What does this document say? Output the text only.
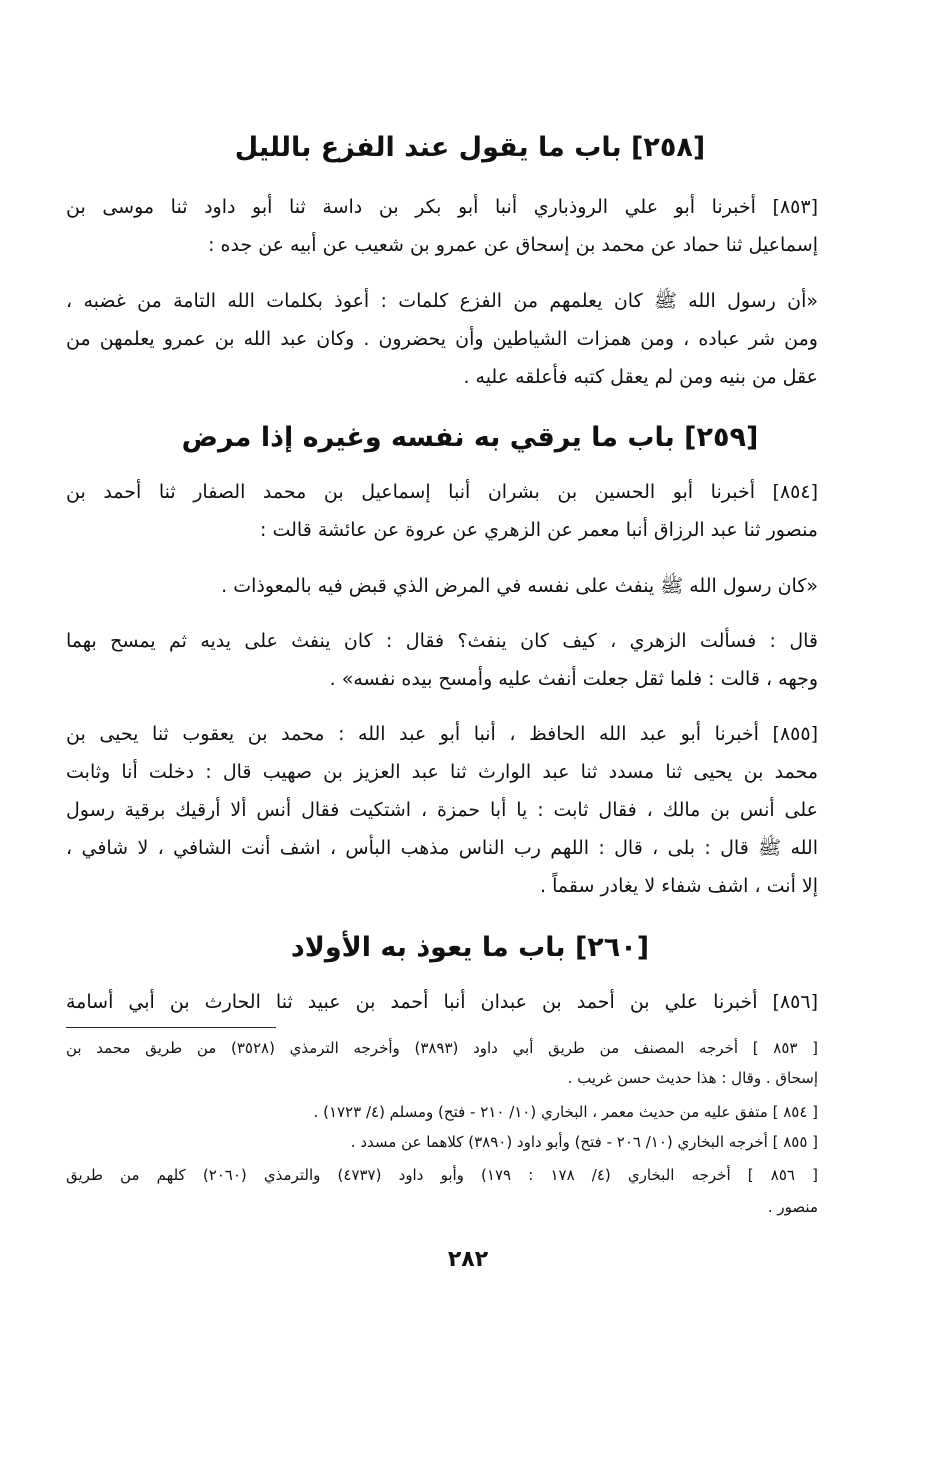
[٢٥٨] باب ما يقول عند الفزع بالليل
[٨٥٣] أخبرنا أبو علي الروذباري أنبا أبو بكر بن داسة ثنا أبو داود ثنا موسى بن
إسماعيل ثنا حماد عن محمد بن إسحاق عن عمرو بن شعيب عن أبيه عن جده :
«أن رسول الله ﷺ كان يعلمهم من الفزع كلمات : أعوذ بكلمات الله التامة من غضبه ،
ومن شر عباده ، ومن همزات الشياطين وأن يحضرون . وكان عبد الله بن عمرو يعلمهن من
عقل من بنيه ومن لم يعقل كتبه فأعلقه عليه .
[٢٥٩] باب ما يرقي به نفسه وغيره إذا مرض
[٨٥٤] أخبرنا أبو الحسين بن بشران أنبا إسماعيل بن محمد الصفار ثنا أحمد بن
منصور ثنا عبد الرزاق أنبا معمر عن الزهري عن عروة عن عائشة قالت :
«كان رسول الله ﷺ ينفث على نفسه في المرض الذي قبض فيه بالمعوذات .
قال : فسألت الزهري ، كيف كان ينفث؟ فقال : كان ينفث على يديه ثم يمسح بهما
وجهه ، قالت : فلما ثقل جعلت أنفث عليه وأمسح بيده نفسه» .
[٨٥٥] أخبرنا أبو عبد الله الحافظ ، أنبا أبو عبد الله : محمد بن يعقوب ثنا يحيى بن
محمد بن يحيى ثنا مسدد ثنا عبد الوارث ثنا عبد العزيز بن صهيب قال : دخلت أنا وثابت
على أنس بن مالك ، فقال ثابت : يا أبا حمزة ، اشتكيت فقال أنس ألا أرقيك برقية رسول
الله ﷺ قال : بلى ، قال : اللهم رب الناس مذهب البأس ، اشف أنت الشافي ، لا شافي ،
إلا أنت ، اشف شفاء لا يغادر سقماً .
[٢٦٠] باب ما يعوذ به الأولاد
[٨٥٦] أخبرنا علي بن أحمد بن عبدان أنبا أحمد بن عبيد ثنا الحارث بن أبي أسامة
[ ٨٥٣ ] أخرجه المصنف من طريق أبي داود (٣٨٩٣) وأخرجه الترمذي (٣٥٢٨) من طريق محمد بن
إسحاق . وقال : هذا حديث حسن غريب .
[ ٨٥٤ ] متفق عليه من حديث معمر ، البخاري (١٠/ ٢١٠ - فتح) ومسلم (٤/ ١٧٢٣) .
[ ٨٥٥ ] أخرجه البخاري (١٠/ ٢٠٦ - فتح) وأبو داود (٣٨٩٠) كلاهما عن مسدد .
[ ٨٥٦ ] أخرجه البخاري (٤/ ١٧٨ : ١٧٩) وأبو داود (٤٧٣٧) والترمذي (٢٠٦٠) كلهم من طريق
منصور .
٢٨٢
